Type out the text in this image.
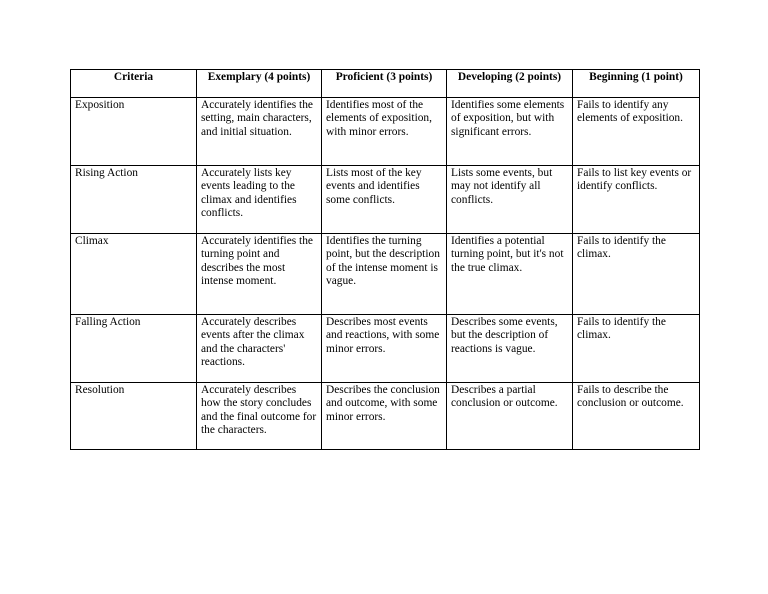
Criteria	Exemplary (4 points)	Proficient (3 points)	Developing (2 points)	Beginning (1 point)
Exposition	Accurately identifies the setting, main characters, and initial situation.	Identifies most of the elements of exposition, with minor errors.	Identifies some elements of exposition, but with significant errors.	Fails to identify any elements of exposition.
Rising Action	Accurately lists key events leading to the climax and identifies conflicts.	Lists most of the key events and identifies some conflicts.	Lists some events, but may not identify all conflicts.	Fails to list key events or identify conflicts.
Climax	Accurately identifies the turning point and describes the most intense moment.	Identifies the turning point, but the description of the intense moment is vague.	Identifies a potential turning point, but it's not the true climax.	Fails to identify the climax.
Falling Action	Accurately describes events after the climax and the characters' reactions.	Describes most events and reactions, with some minor errors.	Describes some events, but the description of reactions is vague.	Fails to identify the climax.
Resolution	Accurately describes how the story concludes and the final outcome for the characters.	Describes the conclusion and outcome, with some minor errors.	Describes a partial conclusion or outcome.	Fails to describe the conclusion or outcome.
